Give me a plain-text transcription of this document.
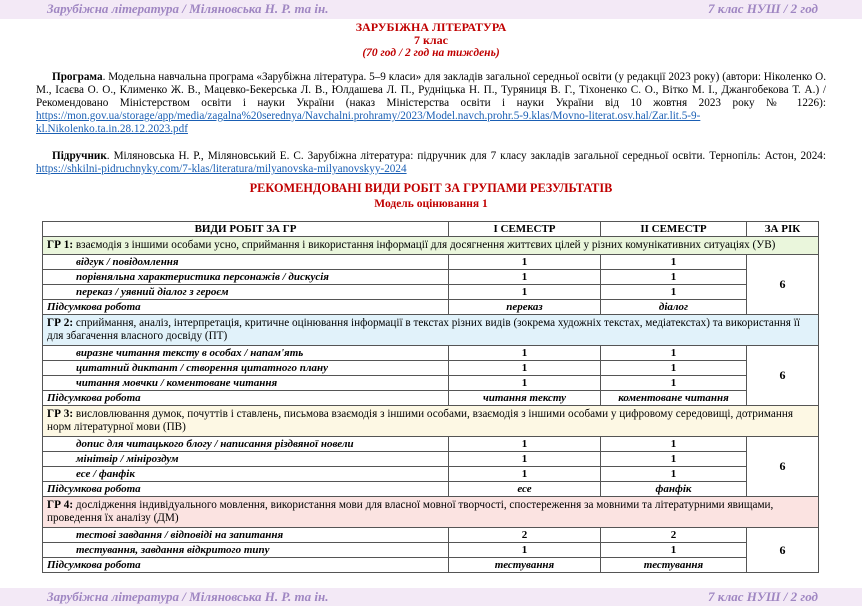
Зарубіжна література / Міляновська Н. Р. та ін.	7 клас НУШ / 2 год
ЗАРУБІЖНА ЛІТЕРАТУРА
7 клас
(70 год / 2 год на тиждень)
Програма. Модельна навчальна програма «Зарубіжна література. 5–9 класи» для закладів загальної середньої освіти (у редакції 2023 року) (автори: Ніколенко О. М., Ісаєва О. О., Клименко Ж. В., Мацевко-Бекерська Л. В., Юлдашева Л. П., Рудніцька Н. П., Туряниця В. Г., Тіхоненко С. О., Вітко М. І., Джангобекова Т. А.) / Рекомендовано Міністерством освіти і науки України (наказ Міністерства освіти і науки України від 10 жовтня 2023 року № 1226): https://mon.gov.ua/storage/app/media/zagalna%20serednya/Navchalni.prohramy/2023/Model.navch.prohr.5-9.klas/Movno-literat.osv.hal/Zar.lit.5-9-kl.Nikolenko.ta.in.28.12.2023.pdf
Підручник. Міляновська Н. Р., Міляновський Е. С. Зарубіжна література: підручник для 7 класу закладів загальної середньої освіти. Тернопіль: Астон, 2024: https://shkilni-pidruchnyky.com/7-klas/literatura/milyanovska-milyanovskyy-2024
РЕКОМЕНДОВАНІ ВИДИ РОБІТ ЗА ГРУПАМИ РЕЗУЛЬТАТІВ
Модель оцінювання 1
ВИДИ РОБІТ ЗА ГР	І СЕМЕСТР	ІІ СЕМЕСТР	ЗА РІК
ГР 1: взаємодія з іншими особами усно, сприймання і використання інформації для досягнення життєвих цілей у різних комунікативних ситуаціях (УВ)			
відгук / повідомлення	1	1	6
порівняльна характеристика персонажів / дискусія	1	1	
переказ / уявний діалог з героєм	1	1	
Підсумкова робота	переказ	діалог	
ГР 2: сприймання, аналіз, інтерпретація, критичне оцінювання інформації в текстах різних видів (зокрема художніх текстах, медіатекстах) та використання її для збагачення власного досвіду (ПТ)			
виразне читання тексту в особах / напам'ять	1	1	6
цитатний диктант / створення цитатного плану	1	1	
читання мовчки / коментоване читання	1	1	
Підсумкова робота	читання тексту	коментоване читання	
ГР 3: висловлювання думок, почуттів і ставлень, письмова взаємодія з іншими особами, взаємодія з іншими особами у цифровому середовищі, дотримання норм літературної мови (ПВ)			
допис для читацького блогу / написання різдвяної новели	1	1	6
мінітвір / мініроздум	1	1	
есе / фанфік	1	1	
Підсумкова робота	есе	фанфік	
ГР 4: дослідження індивідуального мовлення, використання мови для власної мовної творчості, спостереження за мовними та літературними явищами, проведення їх аналізу (ДМ)			
тестові завдання / відповіді на запитання	2	2	6
тестування, завдання відкритого типу	1	1	
Підсумкова робота	тестування	тестування	
Зарубіжна література / Міляновська Н. Р. та ін.	7 клас НУШ / 2 год
